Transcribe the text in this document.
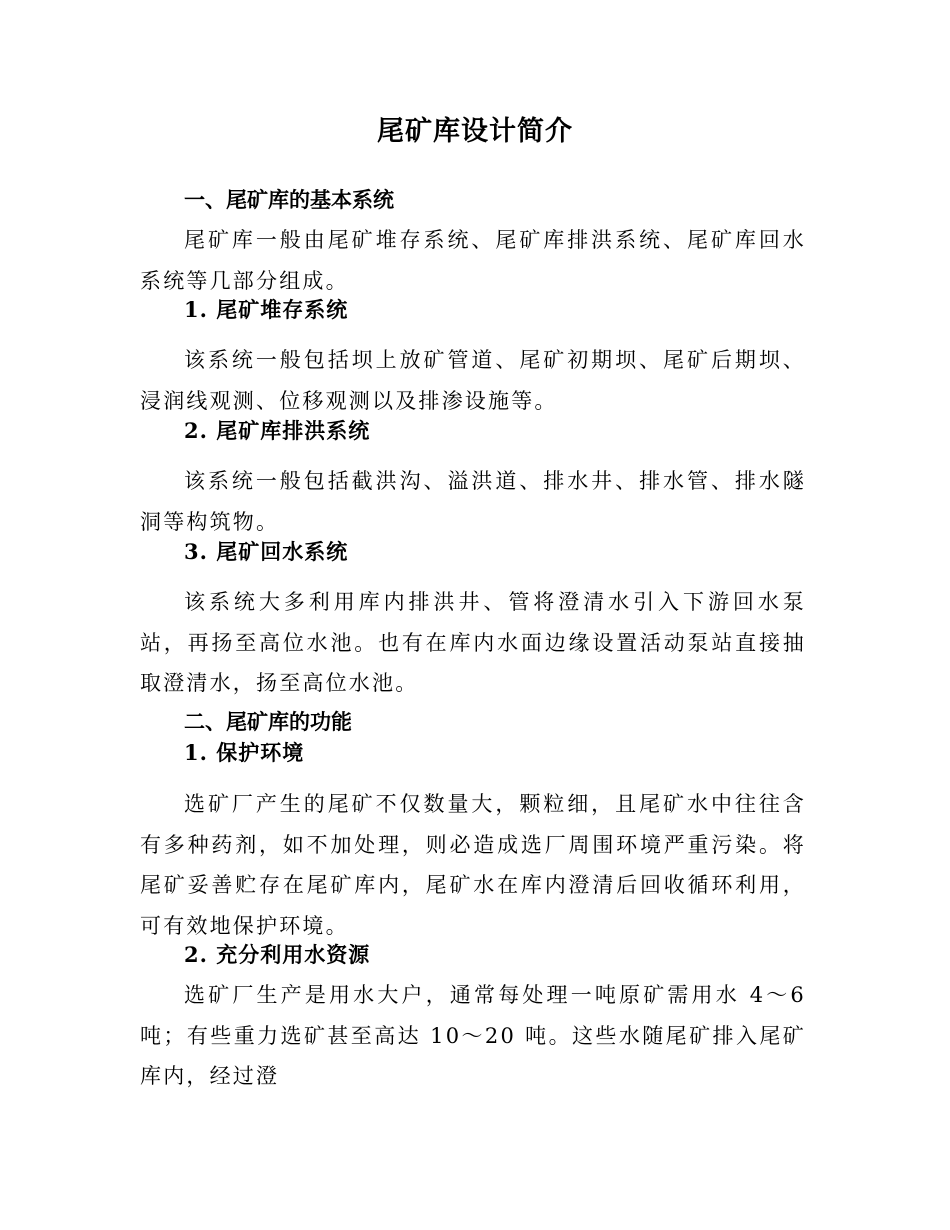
尾矿库设计简介
一、尾矿库的基本系统
尾矿库一般由尾矿堆存系统、尾矿库排洪系统、尾矿库回水系统等几部分组成。
1. 尾矿堆存系统
该系统一般包括坝上放矿管道、尾矿初期坝、尾矿后期坝、浸润线观测、位移观测以及排渗设施等。
2. 尾矿库排洪系统
该系统一般包括截洪沟、溢洪道、排水井、排水管、排水隧洞等构筑物。
3. 尾矿回水系统
该系统大多利用库内排洪井、管将澄清水引入下游回水泵站，再扬至高位水池。也有在库内水面边缘设置活动泵站直接抽取澄清水，扬至高位水池。
二、尾矿库的功能
1. 保护环境
选矿厂产生的尾矿不仅数量大，颗粒细，且尾矿水中往往含有多种药剂，如不加处理，则必造成选厂周围环境严重污染。将尾矿妥善贮存在尾矿库内，尾矿水在库内澄清后回收循环利用，可有效地保护环境。
2. 充分利用水资源
选矿厂生产是用水大户，通常每处理一吨原矿需用水 4～6 吨；有些重力选矿甚至高达 10～20 吨。这些水随尾矿排入尾矿库内，经过澄
